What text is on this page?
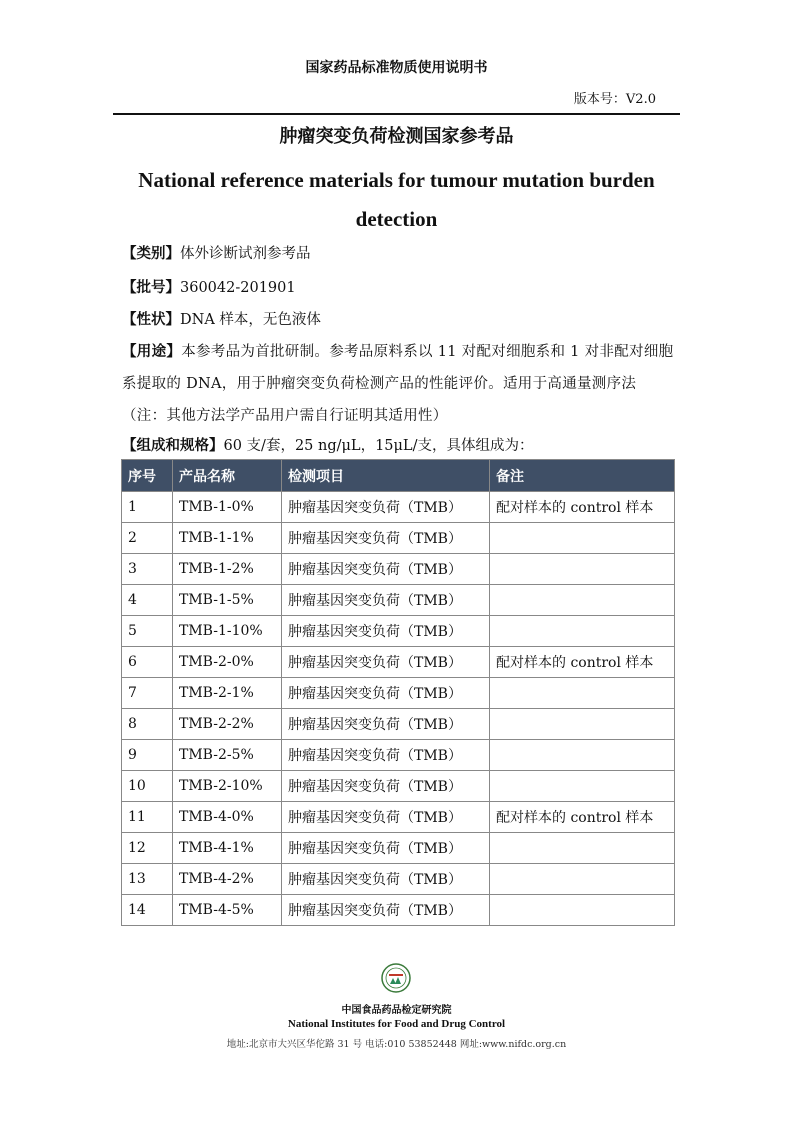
国家药品标准物质使用说明书
版本号：V2.0
肿瘤突变负荷检测国家参考品
National reference materials for tumour mutation burden
detection
【类别】体外诊断试剂参考品
【批号】360042-201901
【性状】DNA 样本，无色液体
【用途】本参考品为首批研制。参考品原料系以 11 对配对细胞系和 1 对非配对细胞系提取的 DNA，用于肿瘤突变负荷检测产品的性能评价。适用于高通量测序法（注：其他方法学产品用户需自行证明其适用性）
【组成和规格】60 支/套，25 ng/μL，15μL/支，具体组成为：
序号	产品名称	检测项目	备注
1	TMB-1-0%	肿瘤基因突变负荷（TMB）	配对样本的 control 样本
2	TMB-1-1%	肿瘤基因突变负荷（TMB）	
3	TMB-1-2%	肿瘤基因突变负荷（TMB）	
4	TMB-1-5%	肿瘤基因突变负荷（TMB）	
5	TMB-1-10%	肿瘤基因突变负荷（TMB）	
6	TMB-2-0%	肿瘤基因突变负荷（TMB）	配对样本的 control 样本
7	TMB-2-1%	肿瘤基因突变负荷（TMB）	
8	TMB-2-2%	肿瘤基因突变负荷（TMB）	
9	TMB-2-5%	肿瘤基因突变负荷（TMB）	
10	TMB-2-10%	肿瘤基因突变负荷（TMB）	
11	TMB-4-0%	肿瘤基因突变负荷（TMB）	配对样本的 control 样本
12	TMB-4-1%	肿瘤基因突变负荷（TMB）	
13	TMB-4-2%	肿瘤基因突变负荷（TMB）	
14	TMB-4-5%	肿瘤基因突变负荷（TMB）	
中国食品药品检定研究院
National Institutes for Food and Drug Control
地址:北京市大兴区华佗路 31 号 电话:010 53852448 网址:www.nifdc.org.cn
